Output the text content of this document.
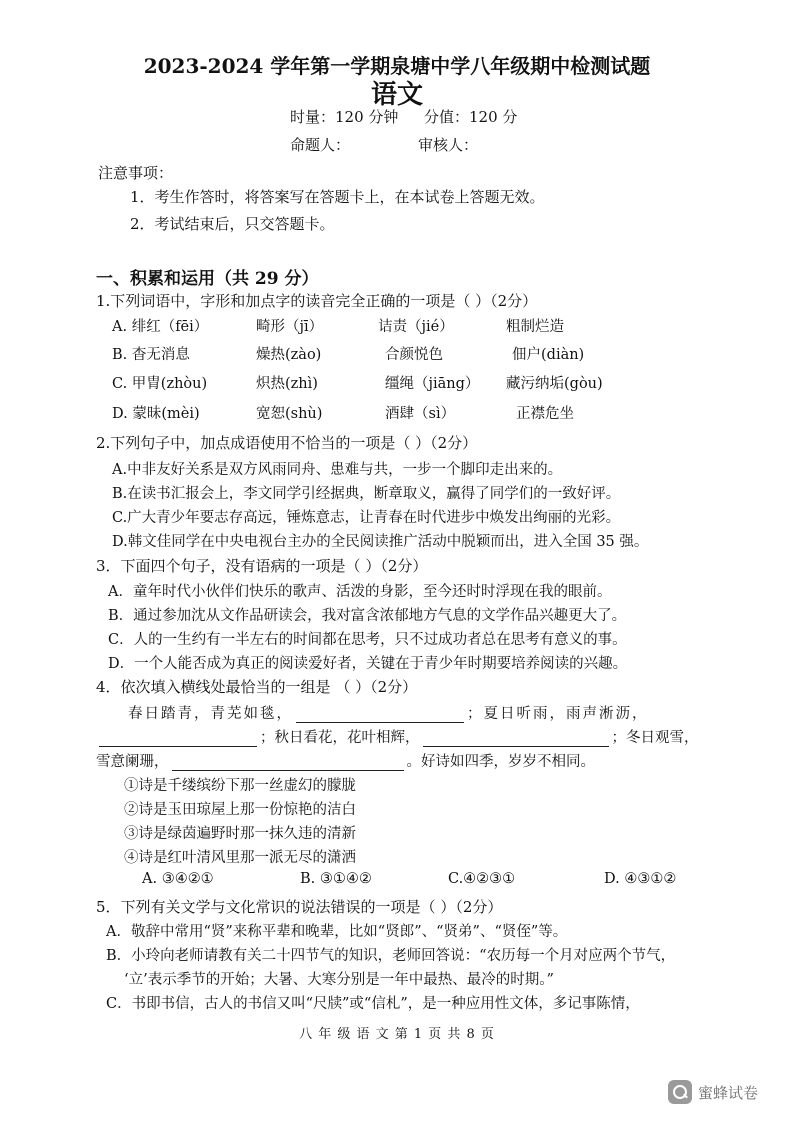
2023-2024 学年第一学期泉塘中学八年级期中检测试题
语文
时量：120 分钟 分值：120 分
命题人：	审核人：
注意事项：
1．考生作答时，将答案写在答题卡上，在本试卷上答题无效。
2．考试结束后，只交答题卡。
一、积累和运用（共 29 分）
1.下列词语中，字形和加点字的读音完全正确的一项是（ ）（2分）
A. 绯红（fēi）	畸形（jī）	诘责（jié）	粗制烂造
B. 杳无消息	燥热(zào)	合颜悦色	佃户(diàn)
C. 甲胄(zhòu)	炽热(zhì)	缰绳（jiāng） 藏污纳垢(gòu)
D. 蒙昧(mèi)	宽恕(shù)	酒肆（sì）	正襟危坐
2.下列句子中，加点成语使用不恰当的一项是（ ）（2分）
A.中非友好关系是双方风雨同舟、患难与共，一步一个脚印走出来的。
B.在读书汇报会上，李文同学引经据典，断章取义，赢得了同学们的一致好评。
C.广大青少年要志存高远，锤炼意志，让青春在时代进步中焕发出绚丽的光彩。
D.韩文佳同学在中央电视台主办的全民阅读推广活动中脱颖而出，进入全国 35 强。
3．下面四个句子，没有语病的一项是（ ）（2分）
A．童年时代小伙伴们快乐的歌声、活泼的身影，至今还时时浮现在我的眼前。
B．通过参加沈从文作品研读会，我对富含浓郁地方气息的文学作品兴趣更大了。
C．人的一生约有一半左右的时间都在思考，只不过成功者总在思考有意义的事。
D．一个人能否成为真正的阅读爱好者，关键在于青少年时期要培养阅读的兴趣。
4．依次填入横线处最恰当的一组是 （ ）（2分）
春日踏青，青芜如毯，	；夏日听雨，雨声淅沥，
；秋日看花，花叶相辉，	；冬日观雪，
雪意阑珊，	。好诗如四季，岁岁不相同。
①诗是千缕缤纷下那一丝虚幻的朦胧
②诗是玉田琼屋上那一份惊艳的洁白
③诗是绿茵遍野时那一抹久违的清新
④诗是红叶清风里那一派无尽的潇洒
A. ③④②①	B. ③①④②	C.④②③①	D. ④③①②
5．下列有关文学与文化常识的说法错误的一项是（ ）（2分）
A．敬辞中常用“贤”来称平辈和晚辈，比如“贤郎”、“贤弟”、“贤侄”等。
B．小玲向老师请教有关二十四节气的知识，老师回答说：“农历每一个月对应两个节气，
‘立’表示季节的开始；大暑、大寒分别是一年中最热、最冷的时期。”
C．书即书信，古人的书信又叫“尺牍”或“信札”，是一种应用性文体，多记事陈情，
八 年 级 语 文 第 1 页 共 8 页
蜜蜂试卷
